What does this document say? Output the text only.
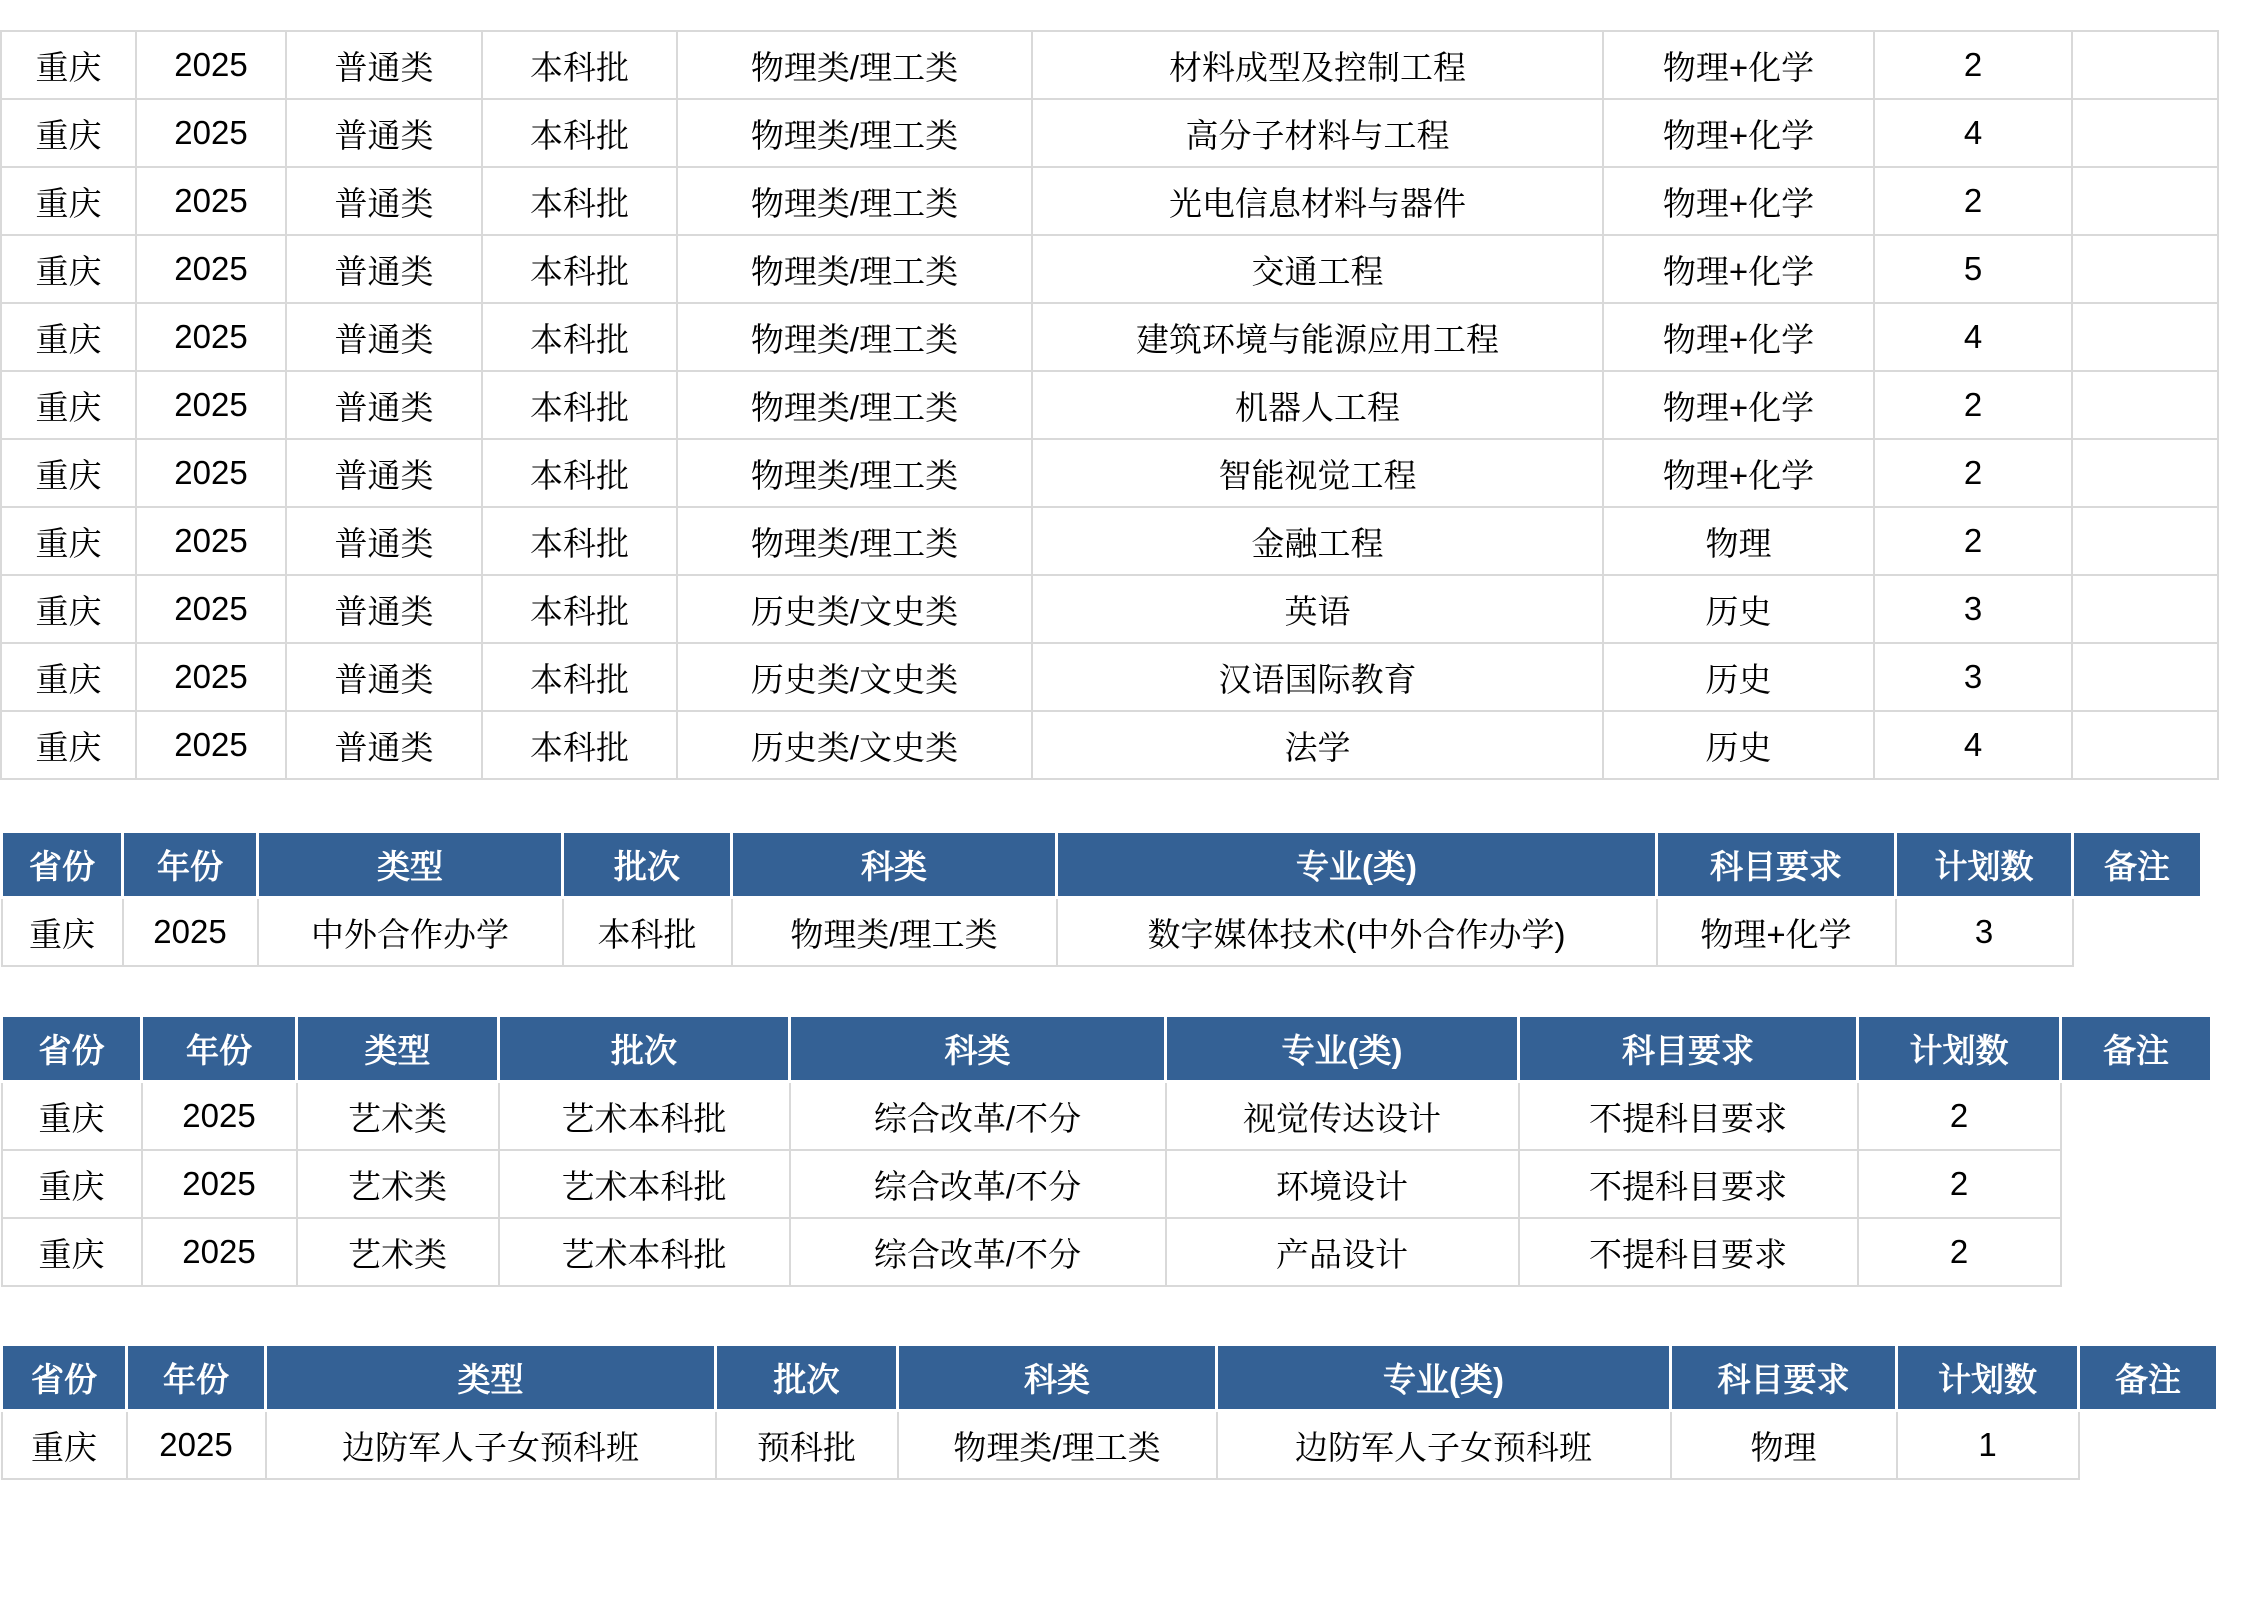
重庆	2025	普通类	本科批	物理类/理工类	材料成型及控制工程	物理+化学	2	
重庆	2025	普通类	本科批	物理类/理工类	高分子材料与工程	物理+化学	4	
重庆	2025	普通类	本科批	物理类/理工类	光电信息材料与器件	物理+化学	2	
重庆	2025	普通类	本科批	物理类/理工类	交通工程	物理+化学	5	
重庆	2025	普通类	本科批	物理类/理工类	建筑环境与能源应用工程	物理+化学	4	
重庆	2025	普通类	本科批	物理类/理工类	机器人工程	物理+化学	2	
重庆	2025	普通类	本科批	物理类/理工类	智能视觉工程	物理+化学	2	
重庆	2025	普通类	本科批	物理类/理工类	金融工程	物理	2	
重庆	2025	普通类	本科批	历史类/文史类	英语	历史	3	
重庆	2025	普通类	本科批	历史类/文史类	汉语国际教育	历史	3	
重庆	2025	普通类	本科批	历史类/文史类	法学	历史	4	
省份	年份	类型	批次	科类	专业(类)	科目要求	计划数	备注
重庆	2025	中外合作办学	本科批	物理类/理工类	数字媒体技术(中外合作办学)	物理+化学	3	
省份	年份	类型	批次	科类	专业(类)	科目要求	计划数	备注
重庆	2025	艺术类	艺术本科批	综合改革/不分	视觉传达设计	不提科目要求	2	
重庆	2025	艺术类	艺术本科批	综合改革/不分	环境设计	不提科目要求	2	
重庆	2025	艺术类	艺术本科批	综合改革/不分	产品设计	不提科目要求	2	
省份	年份	类型	批次	科类	专业(类)	科目要求	计划数	备注
重庆	2025	边防军人子女预科班	预科批	物理类/理工类	边防军人子女预科班	物理	1	
